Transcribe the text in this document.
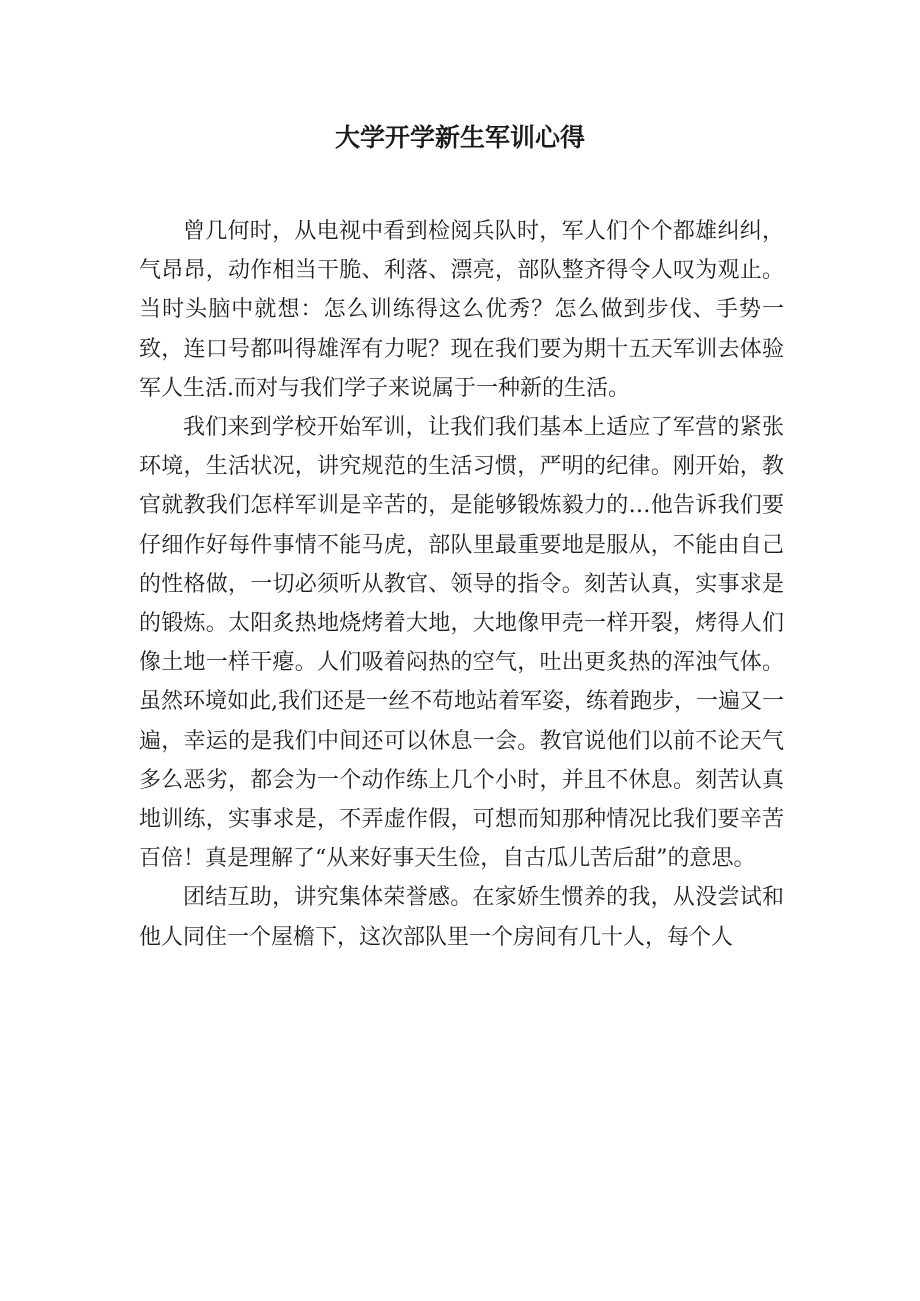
大学开学新生军训心得

曾几何时，从电视中看到检阅兵队时，军人们个个都雄纠纠，气昂昂，动作相当干脆、利落、漂亮，部队整齐得令人叹为观止。当时头脑中就想：怎么训练得这么优秀？怎么做到步伐、手势一致，连口号都叫得雄浑有力呢？现在我们要为期十五天军训去体验军人生活.而对与我们学子来说属于一种新的生活。

我们来到学校开始军训，让我们我们基本上适应了军营的紧张环境，生活状况，讲究规范的生活习惯，严明的纪律。刚开始，教官就教我们怎样军训是辛苦的，是能够锻炼毅力的…他告诉我们要仔细作好每件事情不能马虎，部队里最重要地是服从，不能由自己的性格做，一切必须听从教官、领导的指令。刻苦认真，实事求是的锻炼。太阳炙热地烧烤着大地，大地像甲壳一样开裂，烤得人们像土地一样干瘪。人们吸着闷热的空气，吐出更炙热的浑浊气体。虽然环境如此,我们还是一丝不苟地站着军姿，练着跑步，一遍又一遍，幸运的是我们中间还可以休息一会。教官说他们以前不论天气多么恶劣，都会为一个动作练上几个小时，并且不休息。刻苦认真地训练，实事求是，不弄虚作假，可想而知那种情况比我们要辛苦百倍！真是理解了“从来好事天生俭，自古瓜儿苦后甜”的意思。

团结互助，讲究集体荣誉感。在家娇生惯养的我，从没尝试和他人同住一个屋檐下，这次部队里一个房间有几十人，每个人
